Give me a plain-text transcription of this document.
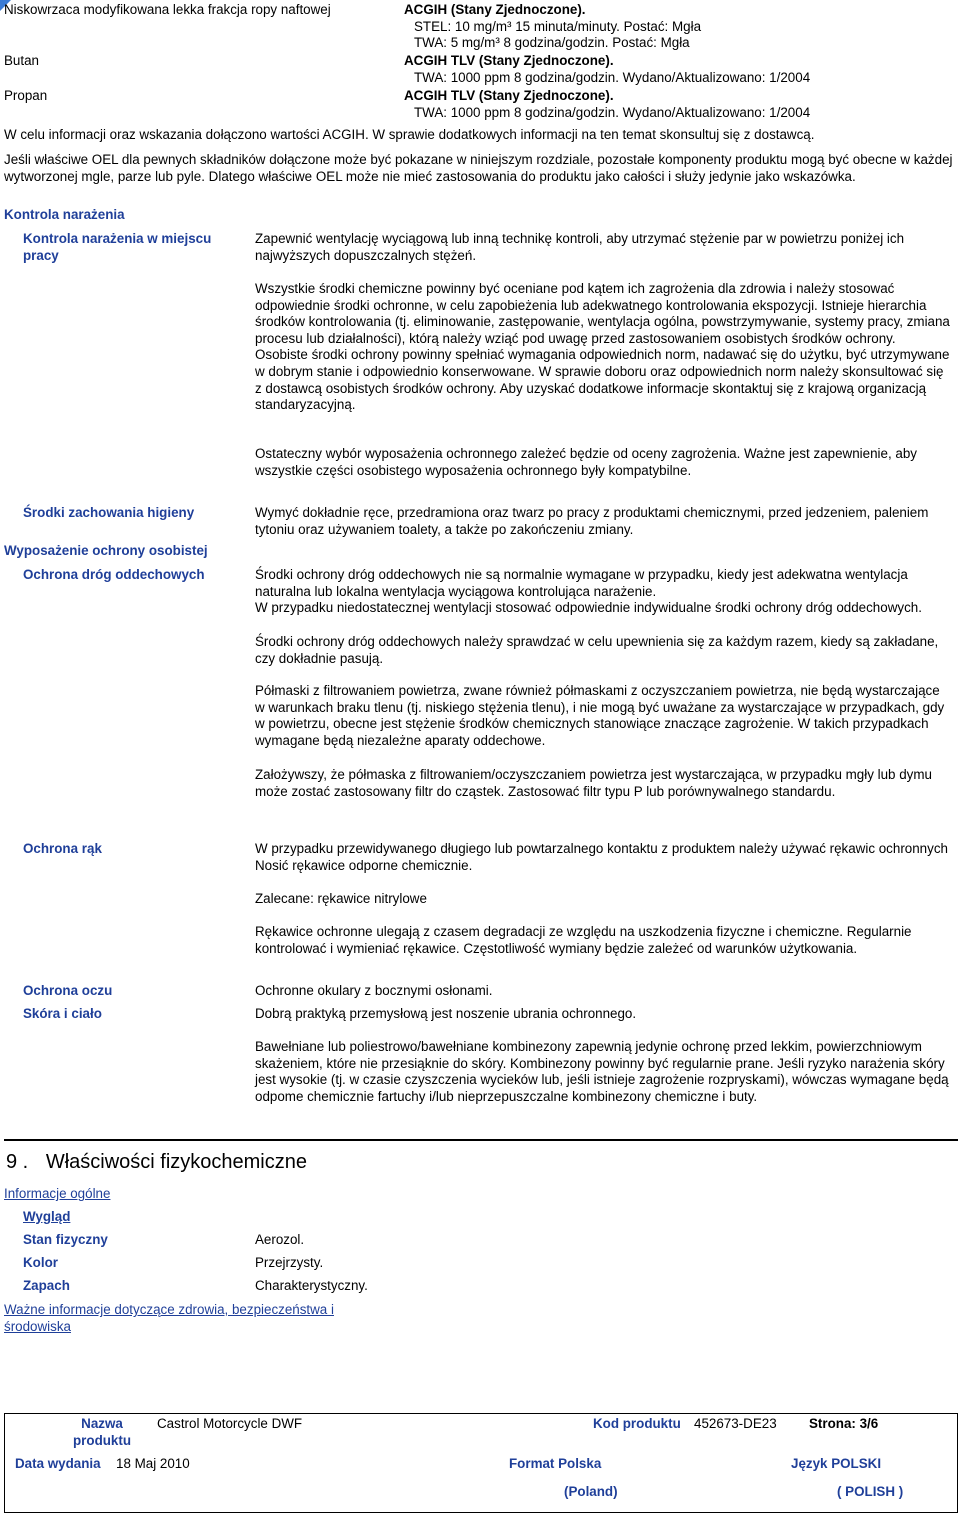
Niskowrzaca modyfikowana lekka frakcja ropy naftowej	ACGIH (Stany Zjednoczone).
STEL: 10 mg/m³ 15 minuta/minuty. Postać: Mgła
TWA: 5 mg/m³ 8 godzina/godzin. Postać: Mgła
Butan	ACGIH TLV (Stany Zjednoczone).
TWA: 1000 ppm 8 godzina/godzin. Wydano/Aktualizowano: 1/2004
Propan	ACGIH TLV (Stany Zjednoczone).
TWA: 1000 ppm 8 godzina/godzin. Wydano/Aktualizowano: 1/2004
W celu informacji oraz wskazania dołączono wartości ACGIH. W sprawie dodatkowych informacji na ten temat skonsultuj się z dostawcą.
Jeśli właściwe OEL dla pewnych składników dołączone może być pokazane w niniejszym rozdziale, pozostałe komponenty produktu mogą być obecne w każdej wytworzonej mgle, parze lub pyle. Dlatego właściwe OEL może nie mieć zastosowania do produktu jako całości i służy jedynie jako wskazówka.
Kontrola narażenia
Kontrola narażenia w miejscu pracy
Zapewnić wentylację wyciągową lub inną technikę kontroli, aby utrzymać stężenie par w powietrzu poniżej ich najwyższych dopuszczalnych stężeń.
Wszystkie środki chemiczne powinny być oceniane pod kątem ich zagrożenia dla zdrowia i należy stosować odpowiednie środki ochronne, w celu zapobieżenia lub adekwatnego kontrolowania ekspozycji. Istnieje hierarchia środków kontrolowania (tj. eliminowanie, zastępowanie, wentylacja ogólna, powstrzymywanie, systemy pracy, zmiana procesu lub działalności), którą należy wziąć pod uwagę przed zastosowaniem osobistych środków ochrony. Osobiste środki ochrony powinny spełniać wymagania odpowiednich norm, nadawać się do użytku, być utrzymywane w dobrym stanie i odpowiednio konserwowane. W sprawie doboru oraz odpowiednich norm należy skonsultować się z dostawcą osobistych środków ochrony. Aby uzyskać dodatkowe informacje skontaktuj się z krajową organizacją standaryzacyjną.
Ostateczny wybór wyposażenia ochronnego zależeć będzie od oceny zagrożenia. Ważne jest zapewnienie, aby wszystkie części osobistego wyposażenia ochronnego były kompatybilne.
Środki zachowania higieny	Wymyć dokładnie ręce, przedramiona oraz twarz po pracy z produktami chemicznymi, przed jedzeniem, paleniem tytoniu oraz używaniem toalety, a także po zakończeniu zmiany.
Wyposażenie ochrony osobistej
Ochrona dróg oddechowych	Środki ochrony dróg oddechowych nie są normalnie wymagane w przypadku, kiedy jest adekwatna wentylacja naturalna lub lokalna wentylacja wyciągowa kontrolująca narażenie.
W przypadku niedostatecznej wentylacji stosować odpowiednie indywidualne środki ochrony dróg oddechowych.
Środki ochrony dróg oddechowych należy sprawdzać w celu upewnienia się za każdym razem, kiedy są zakładane, czy dokładnie pasują.
Półmaski z filtrowaniem powietrza, zwane również półmaskami z oczyszczaniem powietrza, nie będą wystarczające w warunkach braku tlenu (tj. niskiego stężenia tlenu), i nie mogą być uważane za wystarczające w przypadkach, gdy w powietrzu, obecne jest stężenie środków chemicznych stanowiące znaczące zagrożenie. W takich przypadkach wymagane będą niezależne aparaty oddechowe.
Założywszy, że półmaska z filtrowaniem/oczyszczaniem powietrza jest wystarczająca, w przypadku mgły lub dymu może zostać zastosowany filtr do cząstek. Zastosować filtr typu P lub porównywalnego standardu.
Ochrona rąk	W przypadku przewidywanego długiego lub powtarzalnego kontaktu z produktem należy używać rękawic ochronnych Nosić rękawice odporne chemicznie.
Zalecane: rękawice nitrylowe
Rękawice ochronne ulegają z czasem degradacji ze względu na uszkodzenia fizyczne i chemiczne. Regularnie kontrolować i wymieniać rękawice. Częstotliwość wymiany będzie zależeć od warunków użytkowania.
Ochrona oczu	Ochronne okulary z bocznymi osłonami.
Skóra i ciało	Dobrą praktyką przemysłową jest noszenie ubrania ochronnego.
Bawełniane lub poliestrowo/bawełniane kombinezony zapewnią jedynie ochronę przed lekkim, powierzchniowym skażeniem, które nie przesiąknie do skóry. Kombinezony powinny być regularnie prane. Jeśli ryzyko narażenia skóry jest wysokie (tj. w czasie czyszczenia wycieków lub, jeśli istnieje zagrożenie rozpryskami), wówczas wymagane będą odpome chemicznie fartuchy i/lub nieprzepuszczalne kombinezony chemiczne i buty.
9 . Właściwości fizykochemiczne
Informacje ogólne
Wygląd
Stan fizyczny	Aerozol.
Kolor	Przejrzysty.
Zapach	Charakterystyczny.
Ważne informacje dotyczące zdrowia, bezpieczeństwa i środowiska
Nazwa
produktu
Castrol Motorcycle DWF	Kod produktu 452673-DE23 Strona: 3/6
Data wydania 18 Maj 2010	Format Polska	Język POLSKI
(Poland)	( POLISH )
